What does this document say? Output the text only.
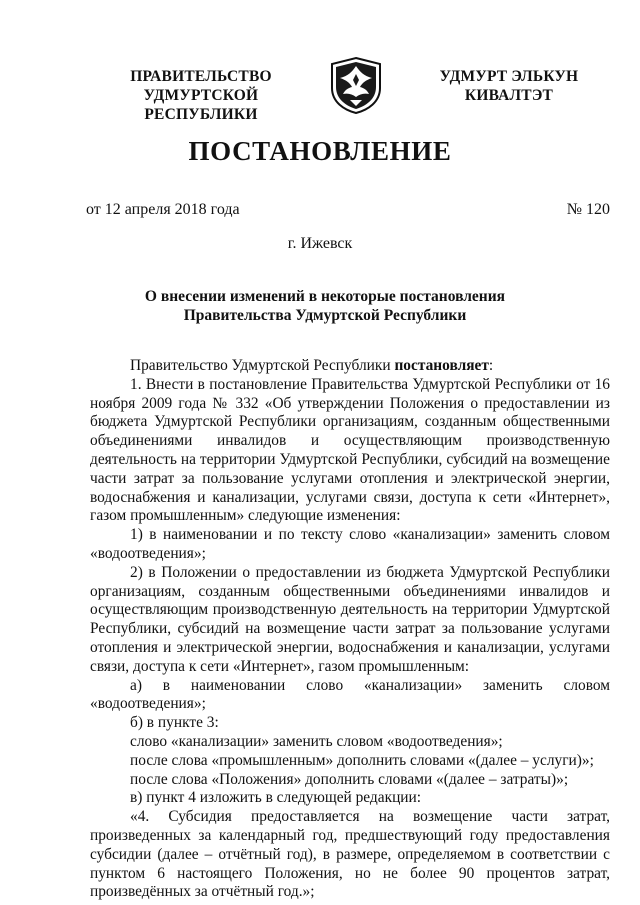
ПРАВИТЕЛЬСТВО
УДМУРТСКОЙ РЕСПУБЛИКИ
УДМУРТ ЭЛЬКУН
КИВАЛТЭТ
ПОСТАНОВЛЕНИЕ
от 12 апреля 2018 года	№ 120
г. Ижевск
О внесении изменений в некоторые постановления
Правительства Удмуртской Республики

Правительство Удмуртской Республики постановляет:

1. Внести в постановление Правительства Удмуртской Республики от 16 ноября 2009 года № 332 «Об утверждении Положения о предоставлении из бюджета Удмуртской Республики организациям, созданным общественными объединениями инвалидов и осуществляющим производственную деятельность на территории Удмуртской Республики, субсидий на возмещение части затрат за пользование услугами отопления и электрической энергии, водоснабжения и канализации, услугами связи, доступа к сети «Интернет», газом промышленным» следующие изменения:

1) в наименовании и по тексту слово «канализации» заменить словом «водоотведения»;

2) в Положении о предоставлении из бюджета Удмуртской Республики организациям, созданным общественными объединениями инвалидов и осуществляющим производственную деятельность на территории Удмуртской Республики, субсидий на возмещение части затрат за пользование услугами отопления и электрической энергии, водоснабжения и канализации, услугами связи, доступа к сети «Интернет», газом промышленным:

а) в наименовании слово «канализации» заменить словом «водоотведения»;

б) в пункте 3:

слово «канализации» заменить словом «водоотведения»;

после слова «промышленным» дополнить словами «(далее – услуги)»;

после слова «Положения» дополнить словами «(далее – затраты)»;

в) пункт 4 изложить в следующей редакции:

«4. Субсидия предоставляется на возмещение части затрат, произведенных за календарный год, предшествующий году предоставления субсидии (далее – отчётный год), в размере, определяемом в соответствии с пунктом 6 настоящего Положения, но не более 90 процентов затрат, произведённых за отчётный год.»;
